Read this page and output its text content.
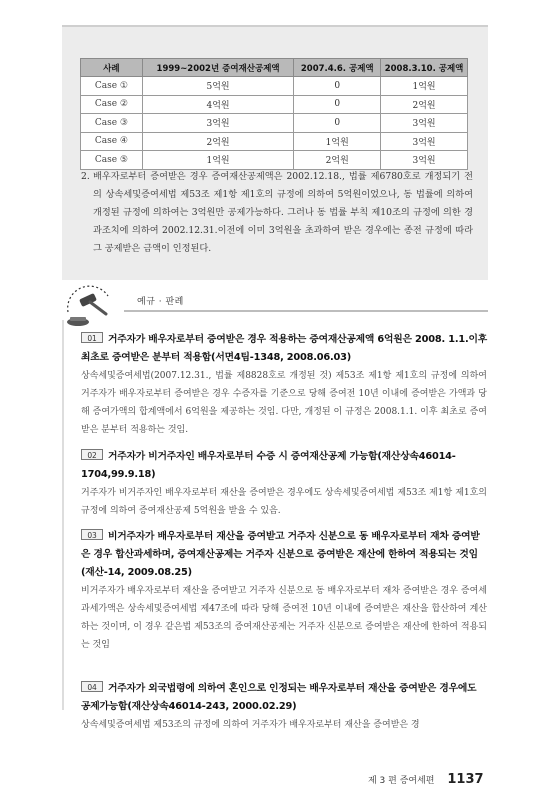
사례	1999~2002년 증여재산공제액	2007.4.6. 공제액	2008.3.10. 공제액
Case ①	5억원	0	1억원
Case ②	4억원	0	2억원
Case ③	3억원	0	3억원
Case ④	2억원	1억원	3억원
Case ⑤	1억원	2억원	3억원
2. 배우자로부터 증여받은 경우 증여재산공제액은 2002.12.18., 법률 제6780호로 개정되기 전의 상속세및증여세법 제53조 제1항 제1호의 규정에 의하여 5억원이었으나, 동 법률에 의하여 개정된 규정에 의하여는 3억원만 공제가능하다. 그러나 동 법률 부칙 제10조의 규정에 의한 경과조치에 의하여 2002.12.31.이전에 이미 3억원을 초과하여 받은 경우에는 종전 규정에 따라 그 공제받은 금액이 인정된다.
예규 · 판례
01 거주자가 배우자로부터 증여받은 경우 적용하는 증여재산공제액 6억원은 2008. 1.1.이후 최초로 증여받은 분부터 적용함(서면4팀-1348, 2008.06.03)
상속세및증여세법(2007.12.31., 법률 제8828호로 개정된 것) 제53조 제1항 제1호의 규정에 의하여 거주자가 배우자로부터 증여받은 경우 수증자를 기준으로 당해 증여전 10년 이내에 증여받은 가액과 당해 증여가액의 합계액에서 6억원을 제공하는 것임. 다만, 개정된 이 규정은 2008.1.1. 이후 최초로 증여받은 분부터 적용하는 것임.
02 거주자가 비거주자인 배우자로부터 수증 시 증여재산공제 가능함(재산상속46014-1704,99.9.18)
거주자가 비거주자인 배우자로부터 재산을 증여받은 경우에도 상속세및증여세법 제53조 제1항 제1호의 규정에 의하여 증여재산공제 5억원을 받을 수 있음.
03 비거주자가 배우자로부터 재산을 증여받고 거주자 신분으로 동 배우자로부터 재차 증여받은 경우 합산과세하며, 증여재산공제는 거주자 신분으로 증여받은 재산에 한하여 적용되는 것임(재산-14, 2009.08.25)
비거주자가 배우자로부터 재산을 증여받고 거주자 신분으로 동 배우자로부터 재차 증여받은 경우 증여세 과세가액은 상속세및증여세법 제47조에 따라 당해 증여전 10년 이내에 증여받은 재산을 합산하여 계산하는 것이며, 이 경우 같은법 제53조의 증여재산공제는 거주자 신분으로 증여받은 재산에 한하여 적용되는 것임
04 거주자가 외국법령에 의하여 혼인으로 인정되는 배우자로부터 재산을 증여받은 경우에도 공제가능함(재산상속46014-243, 2000.02.29)
상속세및증여세법 제53조의 규정에 의하여 거주자가 배우자로부터 재산을 증여받은 경
제 3 편 증여세편 1137
